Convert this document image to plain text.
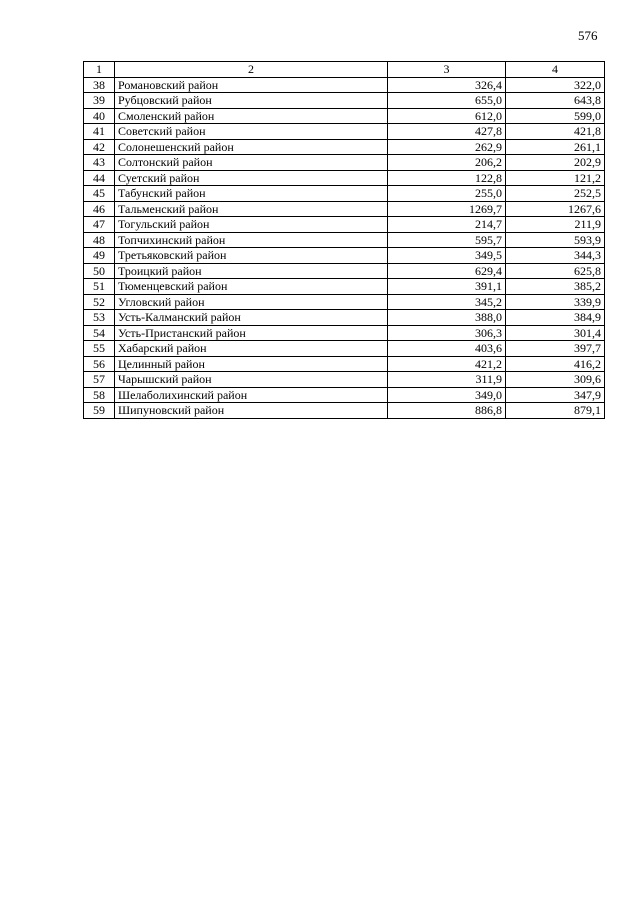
576
1	2	3	4
38	Романовский район	326,4	322,0
39	Рубцовский район	655,0	643,8
40	Смоленский район	612,0	599,0
41	Советский район	427,8	421,8
42	Солонешенский район	262,9	261,1
43	Солтонский район	206,2	202,9
44	Суетский район	122,8	121,2
45	Табунский район	255,0	252,5
46	Тальменский район	1269,7	1267,6
47	Тогульский район	214,7	211,9
48	Топчихинский район	595,7	593,9
49	Третьяковский район	349,5	344,3
50	Троицкий район	629,4	625,8
51	Тюменцевский район	391,1	385,2
52	Угловский район	345,2	339,9
53	Усть-Калманский район	388,0	384,9
54	Усть-Пристанский район	306,3	301,4
55	Хабарский район	403,6	397,7
56	Целинный район	421,2	416,2
57	Чарышский район	311,9	309,6
58	Шелаболихинский район	349,0	347,9
59	Шипуновский район	886,8	879,1
